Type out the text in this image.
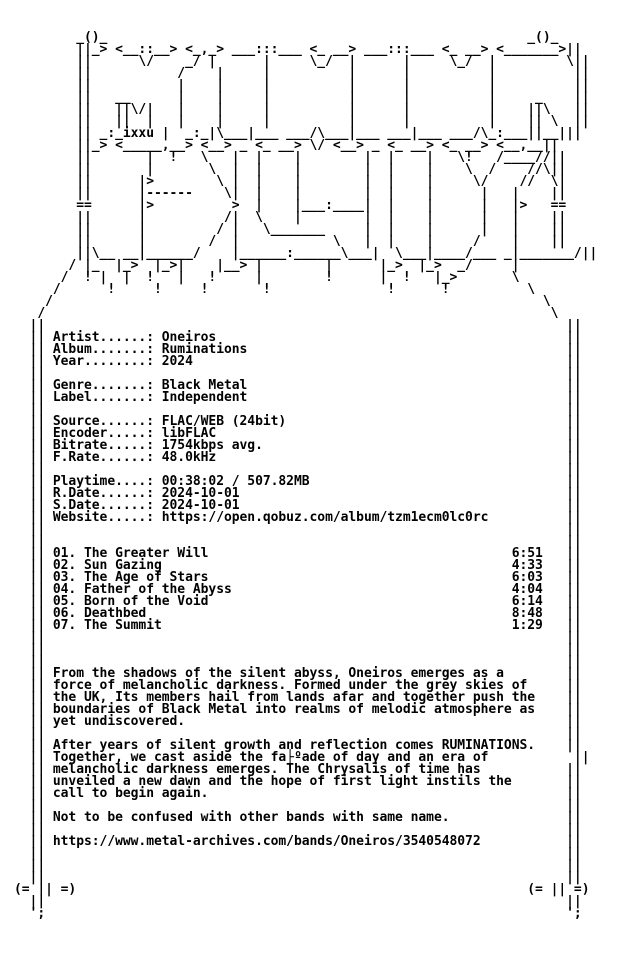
_()_                                                      _()_
||_> <__::__> <_,_> ___:::___ <_ __> ___:::___ <_ __> <_______>||
||      \/    _/ |      |     \_/  |      |     \_/  |         \||
||           /    |     |          |      |          |          ||
||           |    |     |          |      |          |          ||
||   __      |    |     |          |      |          |     _    ||
||   ||\/|   |    |     |          |      |          |    ||\   ||
||   ||  |   |    |     |          |      |          |    || \  ||
|| _:_ixxu |  _:_|\___|___ ___/\___|___ ___|___ ___/\_:___||__|||
||_> <_____,__> <__> _ <_ __> \/ <__> _ <_ __> <_ __> <__,__||
||       |  !   \   |  |    |        |  |    |   \!   /____//||
||       |       \  |  |    |        |  |    |    \  /    //\||
||      |>        \ |  |    |        |  |    |     \/    //  \|
||      |------    \|  |    |        |  |    |      |   |    ||
==      |>          >  |    |___:____|  |    |      |   |>   ==
||      |          /|  \    |        |  |    |      |   |    ||
||      |         / |   \_______     |  |    |      |   |    ||
||      |        /  |            \   |  |    |     /    |    ||
||\__ __|______/    |______:______\___|  \___|____/___ _|_______/||
/ |_  |_>  |_>|    |__> |        |      |_>  |_>  _/     |
/  ! |  |  !   |   !     |        !      |  !   |_>       \
/      !     !     !       !               !      !          \
/                                                               \
/                                                                 \
||                                                                   ||
|| Artist......: Oneiros                                             ||
|| Album.......: Ruminations                                         ||
|| Year........: 2024                                                ||
||                                                                   ||
|| Genre.......: Black Metal                                         ||
|| Label.......: Independent                                         ||
||                                                                   ||
|| Source......: FLAC/WEB (24bit)                                    ||
|| Encoder.....: libFLAC                                             ||
|| Bitrate.....: 1754kbps avg.                                       ||
|| F.Rate......: 48.0kHz                                             ||
||                                                                   ||
|| Playtime....: 00:38:02 / 507.82MB                                 ||
|| R.Date......: 2024-10-01                                          ||
|| S.Date......: 2024-10-01                                          ||
|| Website.....: https://open.qobuz.com/album/tzm1ecm0lc0rc          ||
||                                                                   ||
||                                                                   ||
|| 01. The Greater Will                                       6:51   ||
|| 02. Sun Gazing                                             4:33   ||
|| 03. The Age of Stars                                       6:03   ||
|| 04. Father of the Abyss                                    4:04   ||
|| 05. Born of the Void                                       6:14   ||
|| 06. Deathbed                                               8:48   ||
|| 07. The Summit                                             1:29   ||
||                                                                   ||
||                                                                   ||
||                                                                   ||
|| From the shadows of the silent abyss, Oneiros emerges as a        ||
|| force of melancholic darkness. Formed under the grey skies of     ||
|| the UK, Its members hail from lands afar and together push the    ||
|| boundaries of Black Metal into realms of melodic atmosphere as    ||
|| yet undiscovered.                                                 ||
||                                                                   ||
|| After years of silent growth and reflection comes RUMINATIONS.    ||
|| Together, we cast aside the fa├ºade of day and an era of           ||
|| melancholic darkness emerges. The Chrysalis of time has           ||
|| unveiled a new dawn and the hope of first light instils the       ||
|| call to begin again.                                              ||
||                                                                   ||
|| Not to be confused with other bands with same name.               ||
||                                                                   ||
|| https://www.metal-archives.com/bands/Oneiros/3540548072           ||
||                                                                   ||
||                                                                   ||
||                                                                   ||
(= || =)                                                          (= || =)
||                                                                   ||
';                                                                   ';
